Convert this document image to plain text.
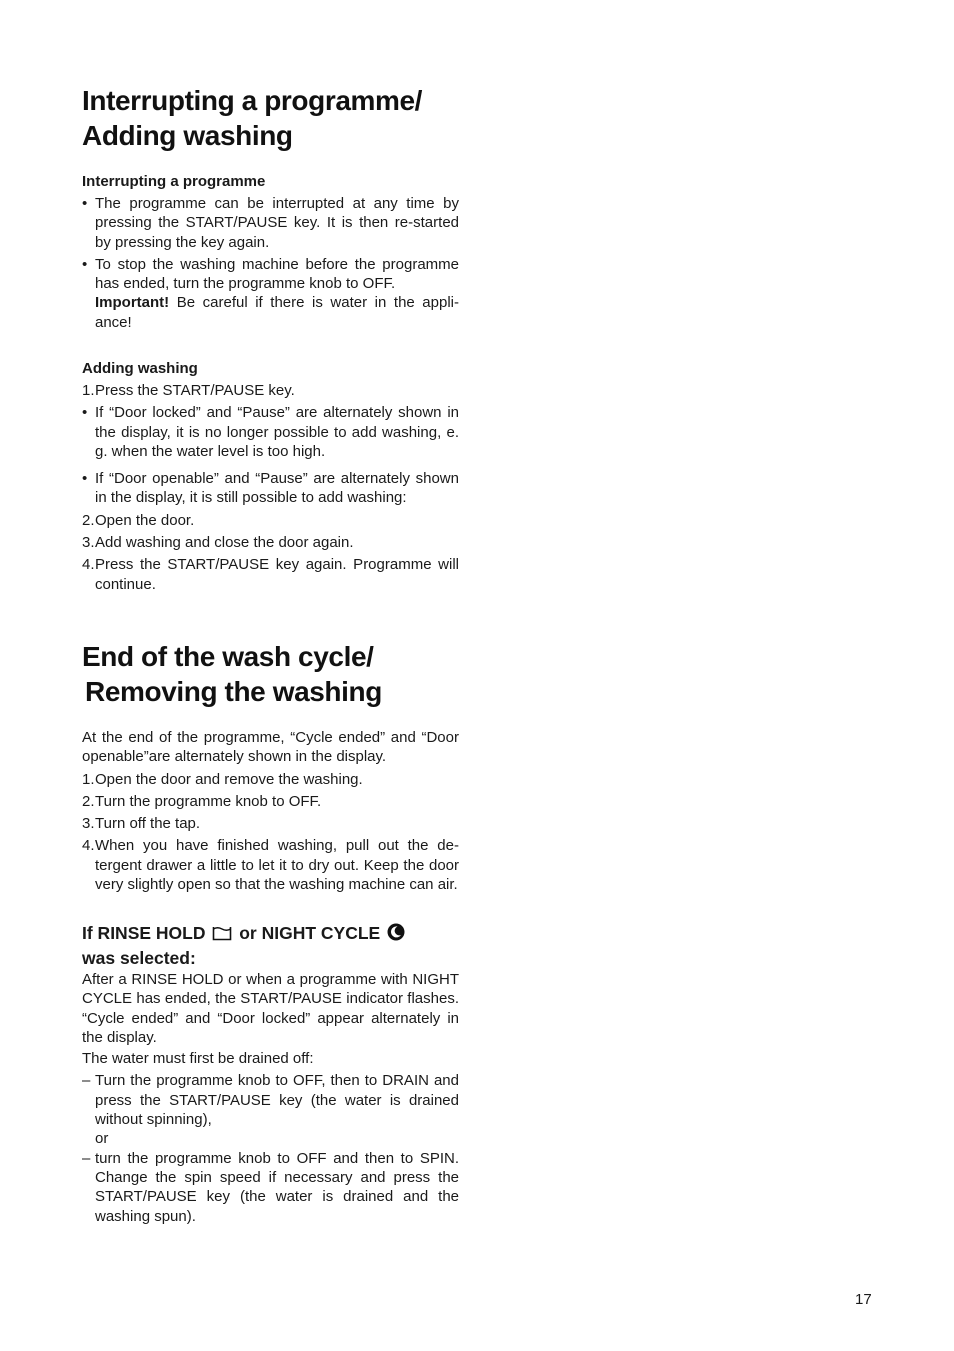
Interrupting a programme/
Adding washing

Interrupting a programme

• The programme can be interrupted at any time by pressing the START/PAUSE key. It is then re-started by pressing the key again.
• To stop the washing machine before the programme has ended, turn the programme knob to OFF.
Important! Be careful if there is water in the appliance!

Adding washing

1. Press the START/PAUSE key.
• If “Door locked” and “Pause” are alternately shown in the display, it is no longer possible to add washing, e. g. when the water level is too high.
• If “Door openable” and “Pause” are alternately shown in the display, it is still possible to add washing:
2. Open the door.
3. Add washing and close the door again.
4. Press the START/PAUSE key again. Programme will continue.
End of the wash cycle/
Removing the washing

At the end of the programme, “Cycle ended” and “Door openable”are alternately shown in the display.

1. Open the door and remove the washing.
2. Turn the programme knob to OFF.
3. Turn off the tap.
4. When you have finished washing, pull out the detergent drawer a little to let it to dry out. Keep the door very slightly open so that the washing machine can air.

If RINSE HOLD or NIGHT CYCLE
was selected:

After a RINSE HOLD or when a programme with NIGHT CYCLE has ended, the START/PAUSE indicator flashes. “Cycle ended” and “Door locked” appear alternately in the display.

The water must first be drained off:

– Turn the programme knob to OFF, then to DRAIN and press the START/PAUSE key (the water is drained without spinning),
or
– turn the programme knob to OFF and then to SPIN. Change the spin speed if necessary and press the START/PAUSE key (the water is drained and the washing spun).
17
